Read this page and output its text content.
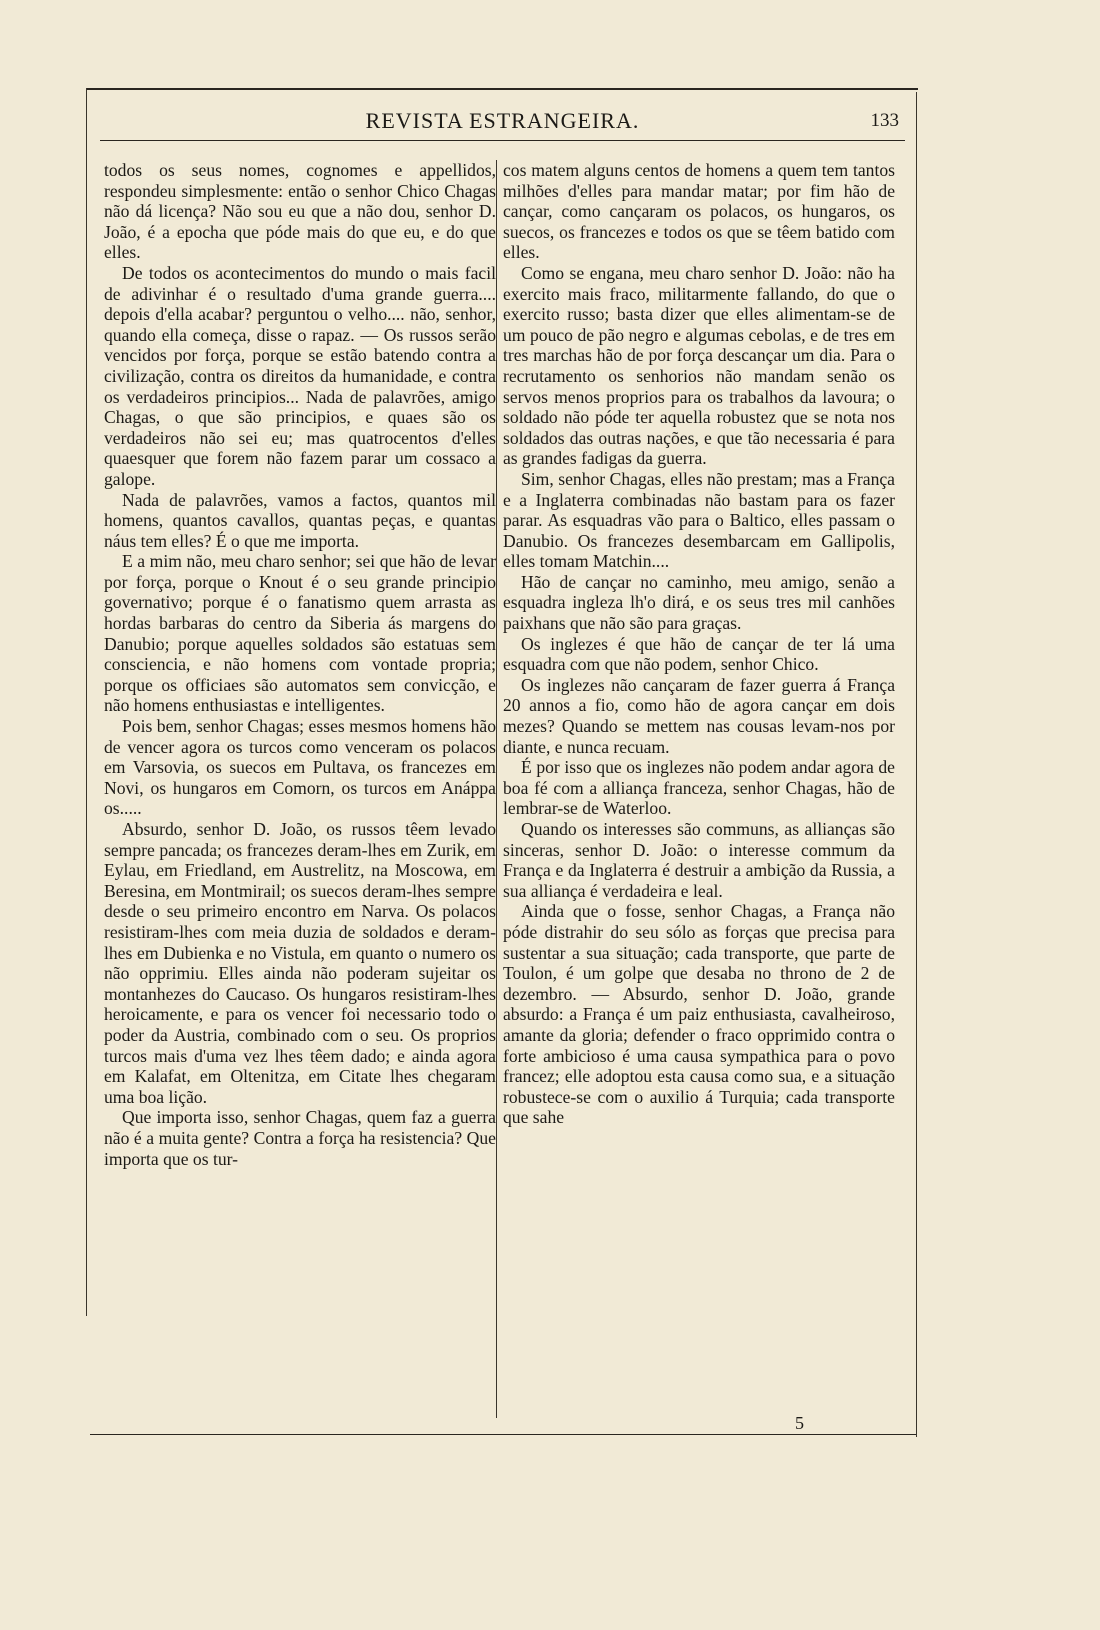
REVISTA ESTRANGEIRA.	133

todos os seus nomes, cognomes e appellidos, respondeu simplesmente: então o senhor Chico Chagas não dá licença? Não sou eu que a não dou, senhor D. João, é a epocha que póde mais do que eu, e do que elles.

De todos os acontecimentos do mundo o mais facil de adivinhar é o resultado d'uma grande guerra.... depois d'ella acabar? perguntou o velho.... não, senhor, quando ella começa, disse o rapaz. — Os russos serão vencidos por força, porque se estão batendo contra a civilização, contra os direitos da humanidade, e contra os verdadeiros principios... Nada de palavrões, amigo Chagas, o que são principios, e quaes são os verdadeiros não sei eu; mas quatrocentos d'elles quaesquer que forem não fazem parar um cossaco a galope.

Nada de palavrões, vamos a factos, quantos mil homens, quantos cavallos, quantas peças, e quantas náus tem elles? É o que me importa.

E a mim não, meu charo senhor; sei que hão de levar por força, porque o Knout é o seu grande principio governativo; porque é o fanatismo quem arrasta as hordas barbaras do centro da Siberia ás margens do Danubio; porque aquelles soldados são estatuas sem consciencia, e não homens com vontade propria; porque os officiaes são automatos sem convicção, e não homens enthusiastas e intelligentes.

Pois bem, senhor Chagas; esses mesmos homens hão de vencer agora os turcos como venceram os polacos em Varsovia, os suecos em Pultava, os francezes em Novi, os hungaros em Comorn, os turcos em Anáppa os.....

Absurdo, senhor D. João, os russos têem levado sempre pancada; os francezes deram-lhes em Zurik, em Eylau, em Friedland, em Austrelitz, na Moscowa, em Beresina, em Montmirail; os suecos deram-lhes sempre desde o seu primeiro encontro em Narva. Os polacos resistiram-lhes com meia duzia de soldados e deram-lhes em Dubienka e no Vistula, em quanto o numero os não opprimiu. Elles ainda não poderam sujeitar os montanhezes do Caucaso. Os hungaros resistiram-lhes heroicamente, e para os vencer foi necessario todo o poder da Austria, combinado com o seu. Os proprios turcos mais d'uma vez lhes têem dado; e ainda agora em Kalafat, em Oltenitza, em Citate lhes chegaram uma boa lição.

Que importa isso, senhor Chagas, quem faz a guerra não é a muita gente? Contra a força ha resistencia? Que importa que os tur-

cos matem alguns centos de homens a quem tem tantos milhões d'elles para mandar matar; por fim hão de cançar, como cançaram os polacos, os hungaros, os suecos, os francezes e todos os que se têem batido com elles.

Como se engana, meu charo senhor D. João: não ha exercito mais fraco, militarmente fallando, do que o exercito russo; basta dizer que elles alimentam-se de um pouco de pão negro e algumas cebolas, e de tres em tres marchas hão de por força descançar um dia. Para o recrutamento os senhorios não mandam senão os servos menos proprios para os trabalhos da lavoura; o soldado não póde ter aquella robustez que se nota nos soldados das outras nações, e que tão necessaria é para as grandes fadigas da guerra.

Sim, senhor Chagas, elles não prestam; mas a França e a Inglaterra combinadas não bastam para os fazer parar. As esquadras vão para o Baltico, elles passam o Danubio. Os francezes desembarcam em Gallipolis, elles tomam Matchin....

Hão de cançar no caminho, meu amigo, senão a esquadra ingleza lh'o dirá, e os seus tres mil canhões paixhans que não são para graças.

Os inglezes é que hão de cançar de ter lá uma esquadra com que não podem, senhor Chico.

Os inglezes não cançaram de fazer guerra á França 20 annos a fio, como hão de agora cançar em dois mezes? Quando se mettem nas cousas levam-nos por diante, e nunca recuam.

É por isso que os inglezes não podem andar agora de boa fé com a alliança franceza, senhor Chagas, hão de lembrar-se de Waterloo.

Quando os interesses são communs, as allianças são sinceras, senhor D. João: o interesse commum da França e da Inglaterra é destruir a ambição da Russia, a sua alliança é verdadeira e leal.

Ainda que o fosse, senhor Chagas, a França não póde distrahir do seu sólo as forças que precisa para sustentar a sua situação; cada transporte, que parte de Toulon, é um golpe que desaba no throno de 2 de dezembro. — Absurdo, senhor D. João, grande absurdo: a França é um paiz enthusiasta, cavalheiroso, amante da gloria; defender o fraco opprimido contra o forte ambicioso é uma causa sympathica para o povo francez; elle adoptou esta causa como sua, e a situação robustece-se com o auxilio á Turquia; cada transporte que sahe

5
